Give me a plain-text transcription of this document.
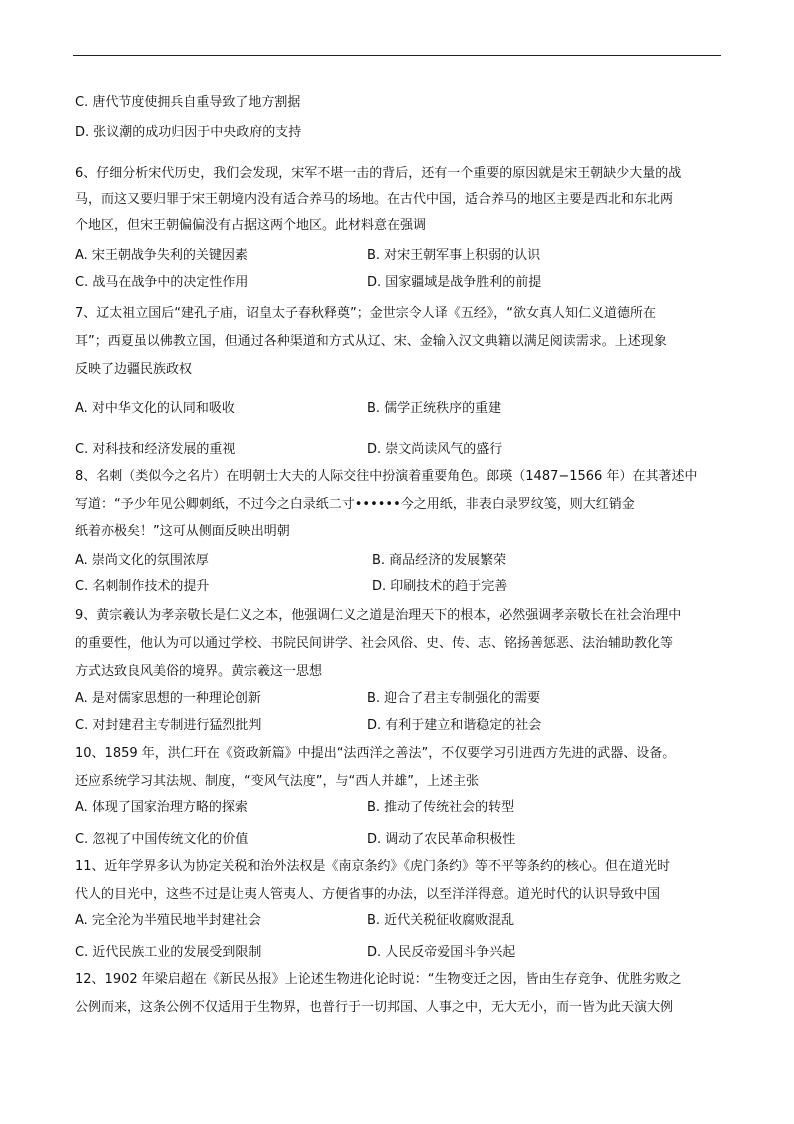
C. 唐代节度使拥兵自重导致了地方割据
D. 张议潮的成功归因于中央政府的支持
6、仔细分析宋代历史，我们会发现，宋军不堪一击的背后，还有一个重要的原因就是宋王朝缺少大量的战
马，而这又要归罪于宋王朝境内没有适合养马的场地。在古代中国，适合养马的地区主要是西北和东北两
个地区，但宋王朝偏偏没有占据这两个地区。此材料意在强调
A. 宋王朝战争失利的关键因素	B. 对宋王朝军事上积弱的认识
C. 战马在战争中的决定性作用	D. 国家疆域是战争胜利的前提
7、辽太祖立国后“建孔子庙，诏皇太子春秋释奠”；金世宗令人译《五经》，“欲女真人知仁义道德所在
耳”；西夏虽以佛教立国，但通过各种渠道和方式从辽、宋、金输入汉文典籍以满足阅读需求。上述现象
反映了边疆民族政权
A. 对中华文化的认同和吸收	B. 儒学正统秩序的重建
C. 对科技和经济发展的重视	D. 崇文尚读风气的盛行
8、名刺（类似今之名片）在明朝士大夫的人际交往中扮演着重要角色。郎瑛（1487−1566 年）在其著述中
写道：“予少年见公卿刺纸，不过今之白录纸二寸••••••今之用纸，非表白录罗纹笺，则大红销金
纸着亦极矣！”这可从侧面反映出明朝
A. 崇尚文化的氛围浓厚	B. 商品经济的发展繁荣
C. 名刺制作技术的提升	D. 印刷技术的趋于完善
9、黄宗羲认为孝亲敬长是仁义之本，他强调仁义之道是治理天下的根本，必然强调孝亲敬长在社会治理中
的重要性，他认为可以通过学校、书院民间讲学、社会风俗、史、传、志、铭扬善惩恶、法治辅助教化等
方式达致良风美俗的境界。黄宗羲这一思想
A. 是对儒家思想的一种理论创新	B. 迎合了君主专制强化的需要
C. 对封建君主专制进行猛烈批判	D. 有利于建立和谐稳定的社会
10、1859 年，洪仁玕在《资政新篇》中提出“法西洋之善法”，不仅要学习引进西方先进的武器、设备。
还应系统学习其法规、制度，“变风气法度”，与“西人并雄”，上述主张
A. 体现了国家治理方略的探索	B. 推动了传统社会的转型
C. 忽视了中国传统文化的价值	D. 调动了农民革命积极性
11、近年学界多认为协定关税和治外法权是《南京条约》《虎门条约》等不平等条约的核心。但在道光时
代人的目光中，这些不过是让夷人管夷人、方便省事的办法，以至洋洋得意。道光时代的认识导致中国
A. 完全沦为半殖民地半封建社会	B. 近代关税征收腐败混乱
C. 近代民族工业的发展受到限制	D. 人民反帝爱国斗争兴起
12、1902 年梁启超在《新民丛报》上论述生物进化论时说：“生物变迁之因，皆由生存竞争、优胜劣败之
公例而来，这条公例不仅适用于生物界，也普行于一切邦国、人事之中，无大无小，而一皆为此天演大例
